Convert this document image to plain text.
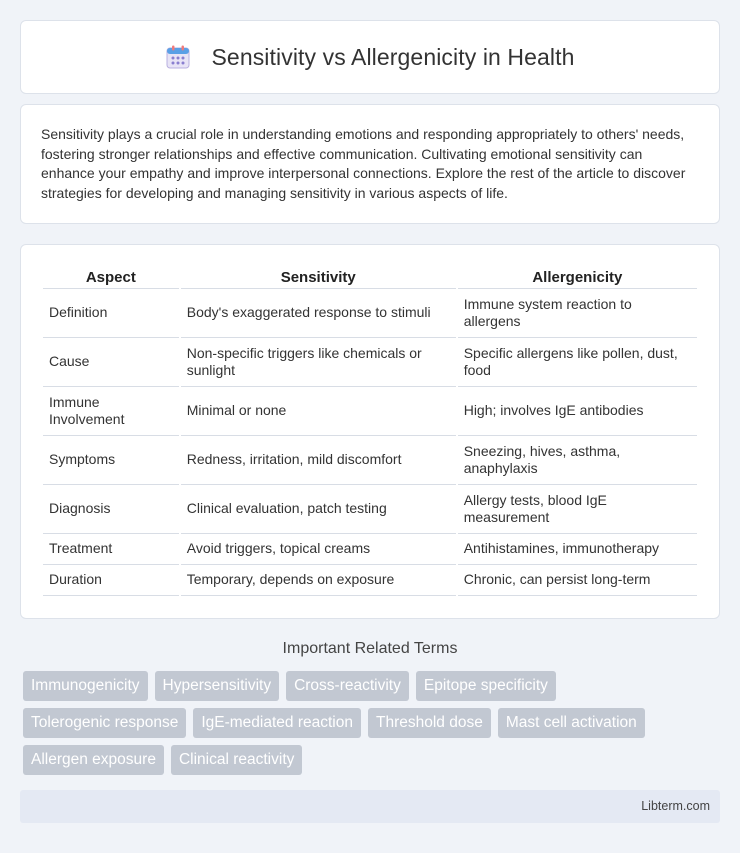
Sensitivity vs Allergenicity in Health

Sensitivity plays a crucial role in understanding emotions and responding appropriately to others' needs, fostering stronger relationships and effective communication. Cultivating emotional sensitivity can enhance your empathy and improve interpersonal connections. Explore the rest of the article to discover strategies for developing and managing sensitivity in various aspects of life.

Aspect	Sensitivity	Allergenicity
Definition	Body's exaggerated response to stimuli	Immune system reaction to allergens
Cause	Non-specific triggers like chemicals or sunlight	Specific allergens like pollen, dust, food
Immune Involvement	Minimal or none	High; involves IgE antibodies
Symptoms	Redness, irritation, mild discomfort	Sneezing, hives, asthma, anaphylaxis
Diagnosis	Clinical evaluation, patch testing	Allergy tests, blood IgE measurement
Treatment	Avoid triggers, topical creams	Antihistamines, immunotherapy
Duration	Temporary, depends on exposure	Chronic, can persist long-term
Important Related Terms
Immunogenicity	Hypersensitivity	Cross-reactivity	Epitope specificity
Tolerogenic response	IgE-mediated reaction	Threshold dose	Mast cell activation
Allergen exposure	Clinical reactivity
Libterm.com
